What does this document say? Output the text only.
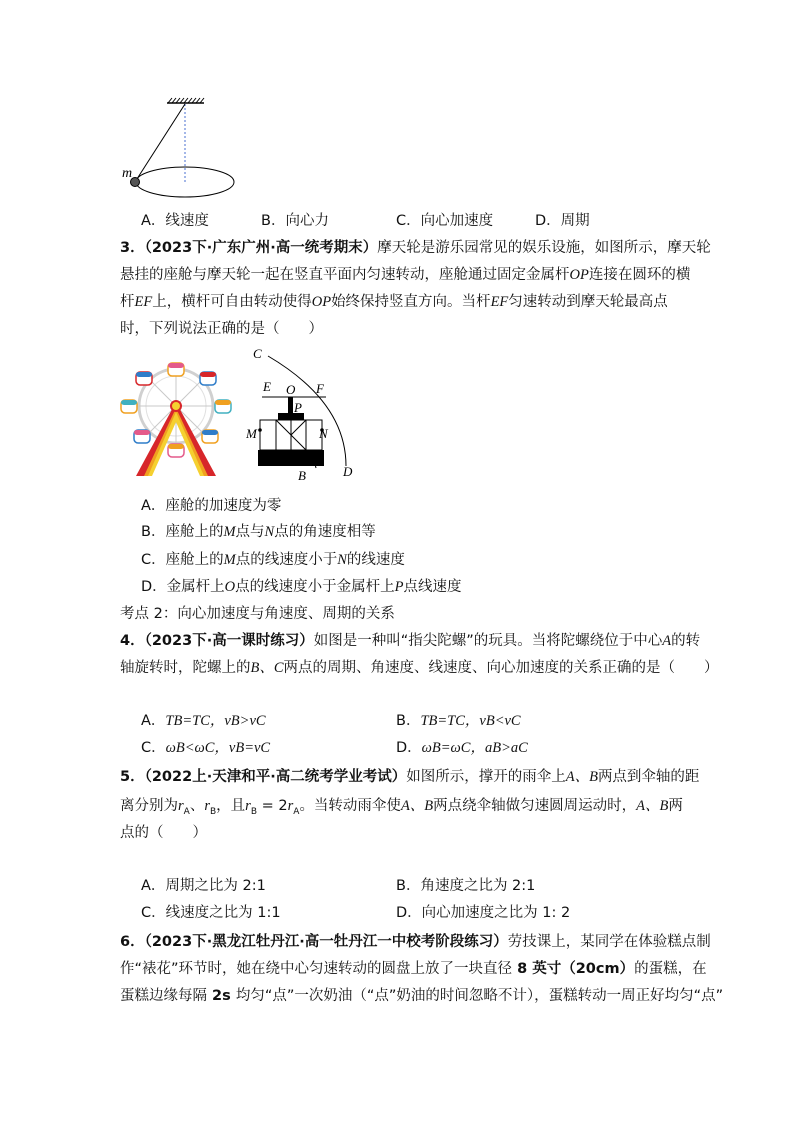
m
A．线速度	B．向心力	C．向心加速度	D．周期
3．（2023下·广东广州·高一统考期末）摩天轮是游乐园常见的娱乐设施，如图所示，摩天轮
悬挂的座舱与摩天轮一起在竖直平面内匀速转动，座舱通过固定金属杆OP连接在圆环的横
杆EF上，横杆可自由转动使得OP始终保持竖直方向。当杆EF匀速转动到摩天轮最高点
时，下列说法正确的是（　　）
C
E O F
P
M	N
B	D
A．座舱的加速度为零
B．座舱上的M点与N点的角速度相等
C．座舱上的M点的线速度小于N的线速度
D．金属杆上O点的线速度小于金属杆上P点线速度
考点 2：向心加速度与角速度、周期的关系
4．（2023下·高一课时练习）如图是一种叫“指尖陀螺”的玩具。当将陀螺绕位于中心A的转
轴旋转时，陀螺上的B、C两点的周期、角速度、线速度、向心加速度的关系正确的是（　　）
A．TB=TC，vB>vC	B．TB=TC，vB<vC
C．ωB<ωC，vB=vC	D．ωB=ωC，aB>aC
5．（2022上·天津和平·高二统考学业考试）如图所示，撑开的雨伞上A、B两点到伞轴的距
离分别为$r_A$、$r_B$，且$r_B = 2r_A$。当转动雨伞使A、B两点绕伞轴做匀速圆周运动时，A、B两
点的（　　）
A．周期之比为 2:1	B．角速度之比为 2:1
C．线速度之比为 1:1	D．向心加速度之比为 1: 2
6．（2023下·黑龙江牡丹江·高一牡丹江一中校考阶段练习）劳技课上，某同学在体验糕点制
作“裱花”环节时，她在绕中心匀速转动的圆盘上放了一块直径 8 英寸（20cm）的蛋糕，在
蛋糕边缘每隔 2s 均匀“点”一次奶油（“点”奶油的时间忽略不计），蛋糕转动一周正好均匀“点”
